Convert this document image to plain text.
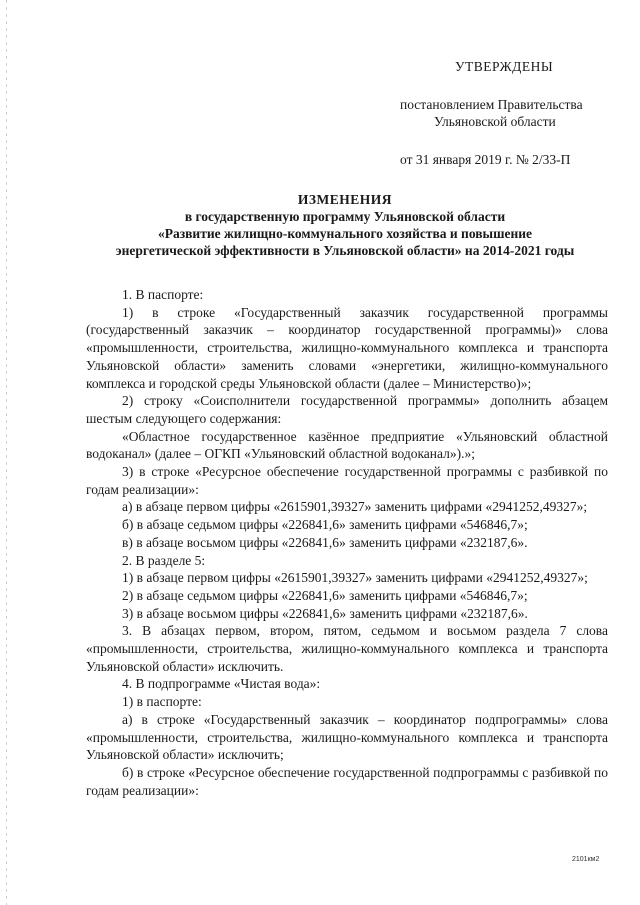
УТВЕРЖДЕНЫ
постановлением Правительства
Ульяновской области
от 31 января 2019 г. № 2/33-П
ИЗМЕНЕНИЯ
в государственную программу Ульяновской области
«Развитие жилищно-коммунального хозяйства и повышение
энергетической эффективности в Ульяновской области» на 2014-2021 годы

1. В паспорте:

1) в строке «Государственный заказчик государственной программы (государственный заказчик – координатор государственной программы)» слова «промышленности, строительства, жилищно-коммунального комплекса и транспорта Ульяновской области» заменить словами «энергетики, жилищно-коммунального комплекса и городской среды Ульяновской области (далее – Министерство)»;

2) строку «Соисполнители государственной программы» дополнить абзацем шестым следующего содержания:

«Областное государственное казённое предприятие «Ульяновский областной водоканал» (далее – ОГКП «Ульяновский областной водоканал»).»;

3) в строке «Ресурсное обеспечение государственной программы с разбивкой по годам реализации»:

а) в абзаце первом цифры «2615901,39327» заменить цифрами «2941252,49327»;

б) в абзаце седьмом цифры «226841,6» заменить цифрами «546846,7»;

в) в абзаце восьмом цифры «226841,6» заменить цифрами «232187,6».

2. В разделе 5:

1) в абзаце первом цифры «2615901,39327» заменить цифрами «2941252,49327»;

2) в абзаце седьмом цифры «226841,6» заменить цифрами «546846,7»;

3) в абзаце восьмом цифры «226841,6» заменить цифрами «232187,6».

3. В абзацах первом, втором, пятом, седьмом и восьмом раздела 7 слова «промышленности, строительства, жилищно-коммунального комплекса и транспорта Ульяновской области» исключить.

4. В подпрограмме «Чистая вода»:

1) в паспорте:

а) в строке «Государственный заказчик – координатор подпрограммы» слова «промышленности, строительства, жилищно-коммунального комплекса и транспорта Ульяновской области» исключить;

б) в строке «Ресурсное обеспечение государственной подпрограммы с разбивкой по годам реализации»:

2101км2
